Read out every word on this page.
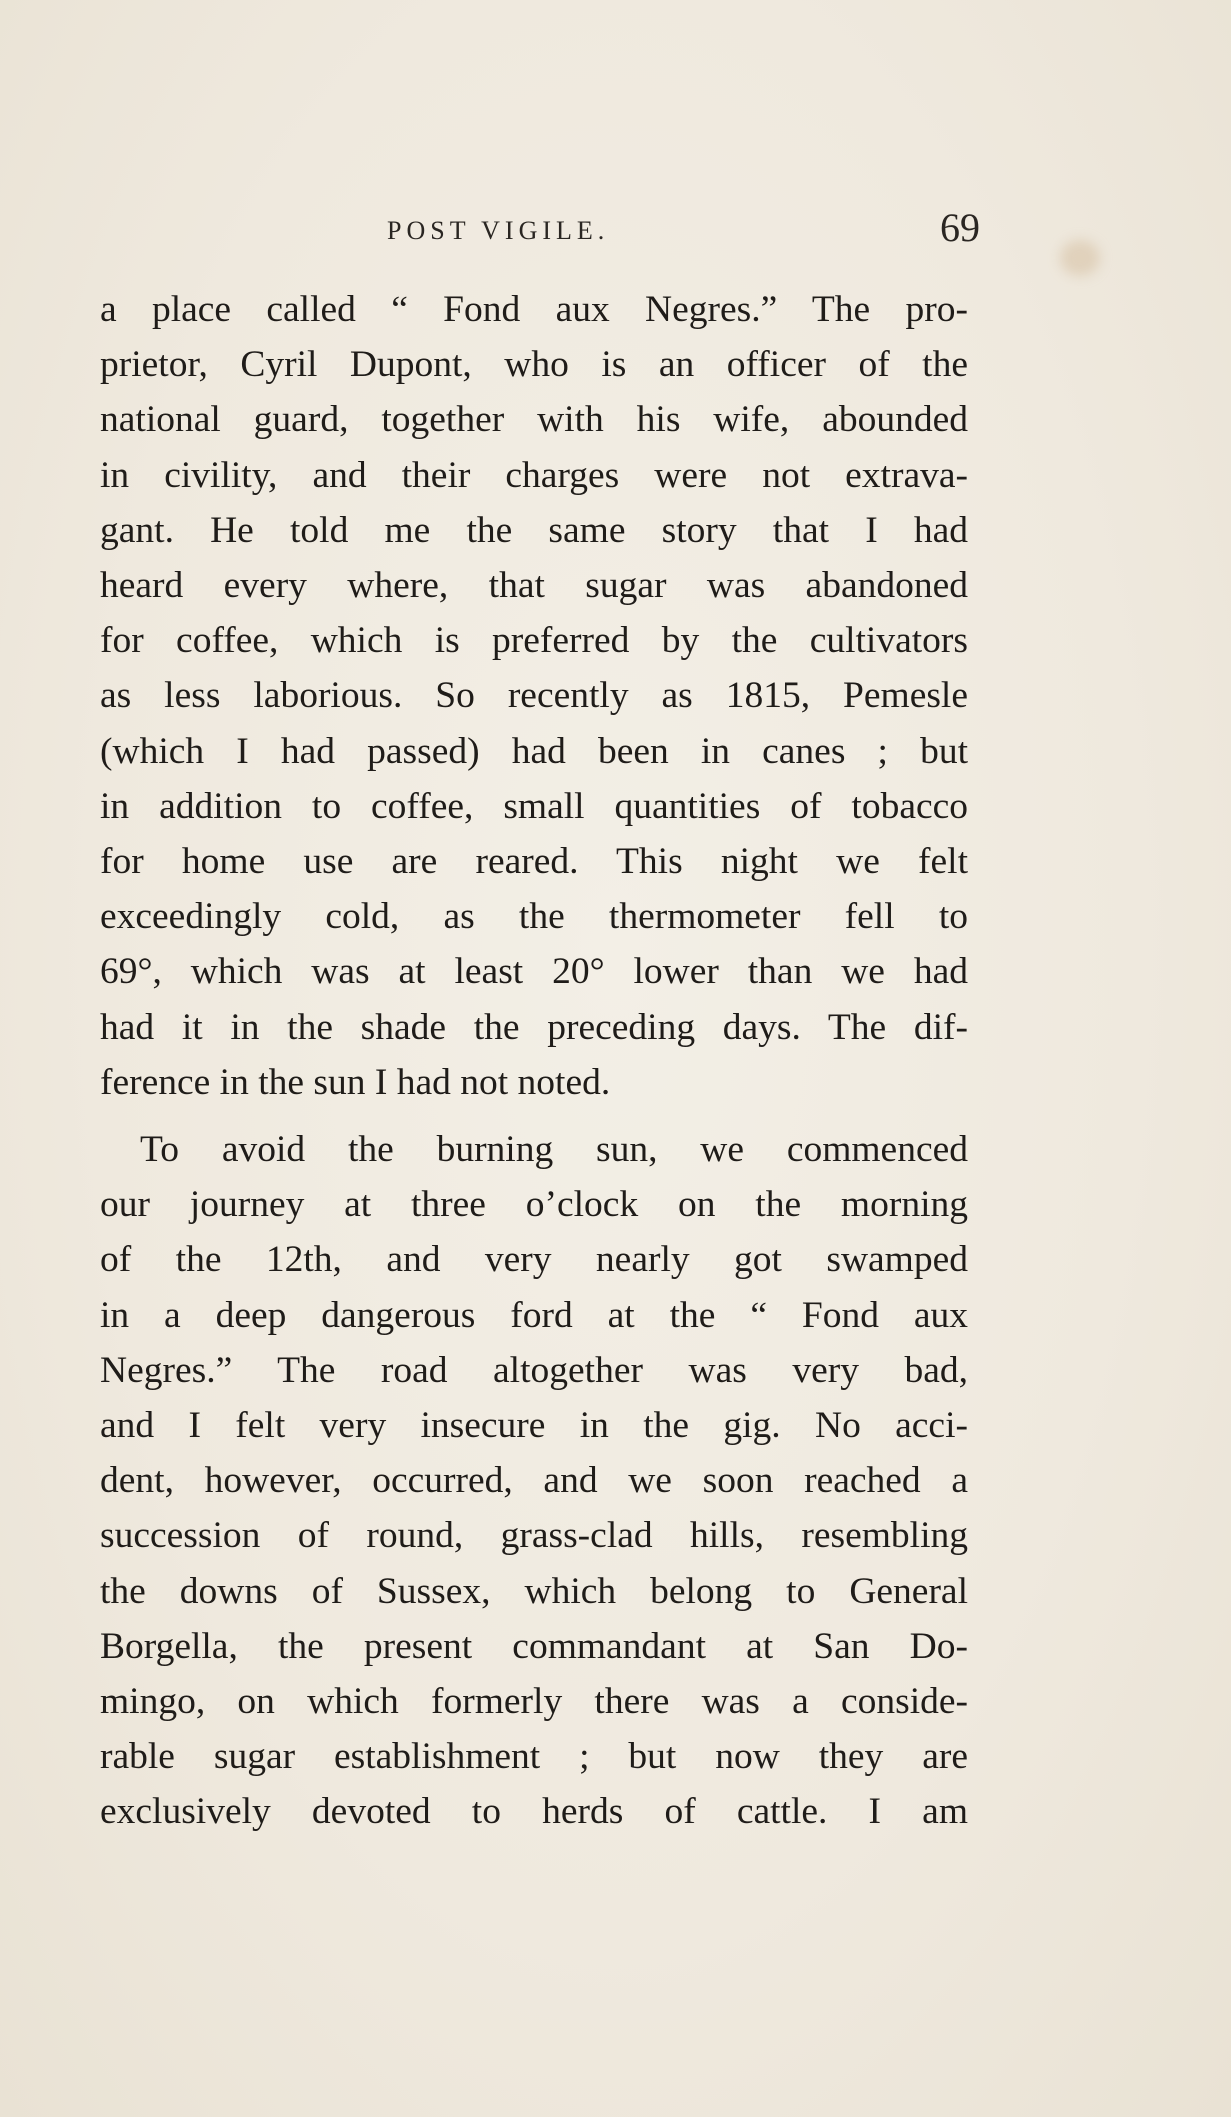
POST VIGILE.	69
a place called “ Fond aux Negres.” The pro-
prietor, Cyril Dupont, who is an officer of the
national guard, together with his wife, abounded
in civility, and their charges were not extrava-
gant. He told me the same story that I had
heard every where, that sugar was abandoned
for coffee, which is preferred by the cultivators
as less laborious. So recently as 1815, Pemesle
(which I had passed) had been in canes ; but
in addition to coffee, small quantities of tobacco
for home use are reared. This night we felt
exceedingly cold, as the thermometer fell to
69°, which was at least 20° lower than we had
had it in the shade the preceding days. The dif-
ference in the sun I had not noted.
To avoid the burning sun, we commenced
our journey at three o’clock on the morning
of the 12th, and very nearly got swamped
in a deep dangerous ford at the “ Fond aux
Negres.” The road altogether was very bad,
and I felt very insecure in the gig. No acci-
dent, however, occurred, and we soon reached a
succession of round, grass-clad hills, resembling
the downs of Sussex, which belong to General
Borgella, the present commandant at San Do-
mingo, on which formerly there was a conside-
rable sugar establishment ; but now they are
exclusively devoted to herds of cattle. I am
